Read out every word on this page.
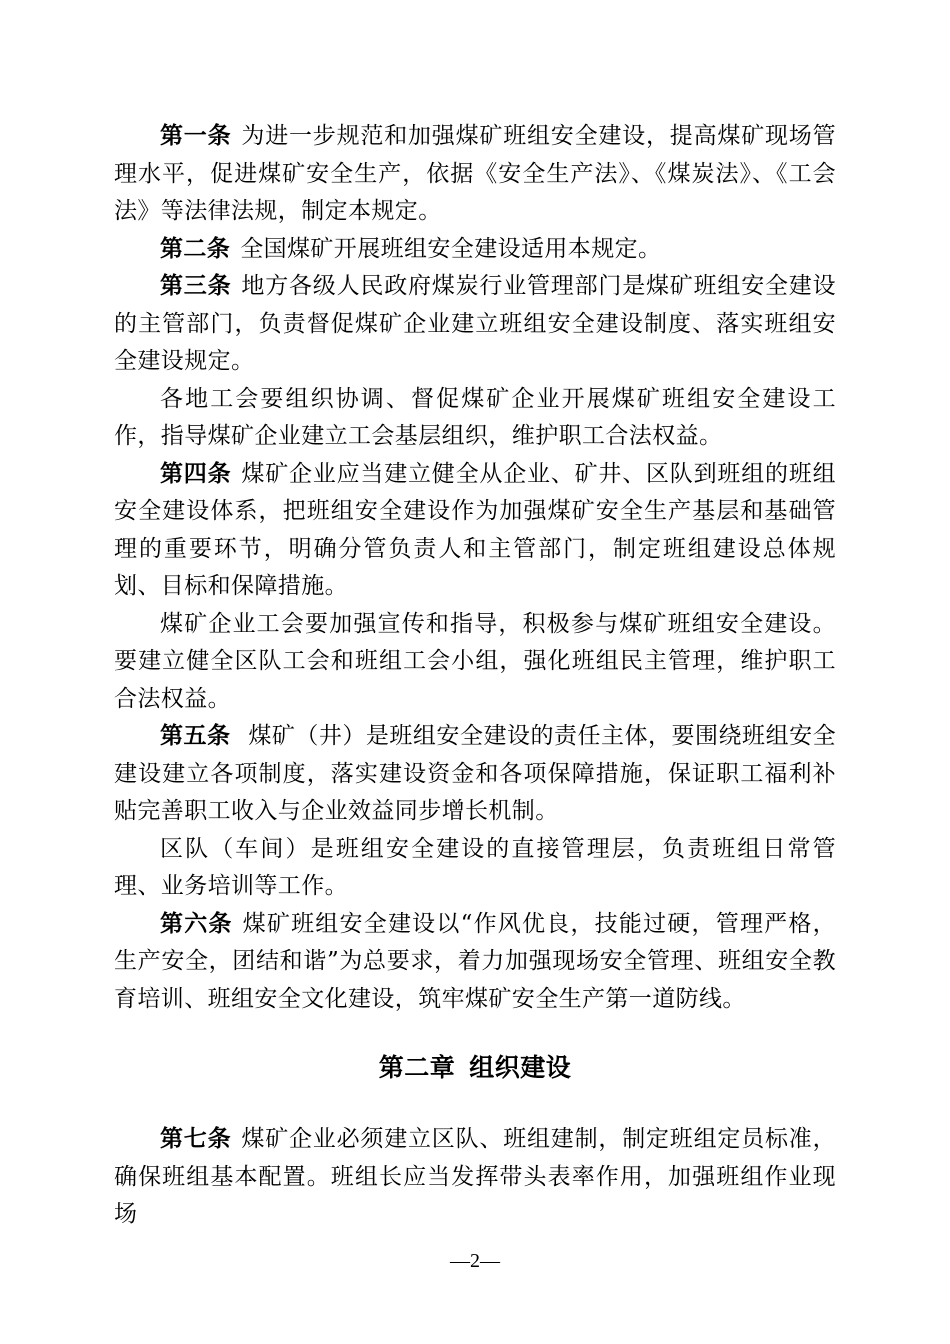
第一条 为进一步规范和加强煤矿班组安全建设，提高煤矿现场管理水平，促进煤矿安全生产，依据《安全生产法》、《煤炭法》、《工会法》等法律法规，制定本规定。

第二条 全国煤矿开展班组安全建设适用本规定。

第三条 地方各级人民政府煤炭行业管理部门是煤矿班组安全建设的主管部门，负责督促煤矿企业建立班组安全建设制度、落实班组安全建设规定。

各地工会要组织协调、督促煤矿企业开展煤矿班组安全建设工作，指导煤矿企业建立工会基层组织，维护职工合法权益。

第四条 煤矿企业应当建立健全从企业、矿井、区队到班组的班组安全建设体系，把班组安全建设作为加强煤矿安全生产基层和基础管理的重要环节，明确分管负责人和主管部门，制定班组建设总体规划、目标和保障措施。

煤矿企业工会要加强宣传和指导，积极参与煤矿班组安全建设。要建立健全区队工会和班组工会小组，强化班组民主管理，维护职工合法权益。

第五条 煤矿（井）是班组安全建设的责任主体，要围绕班组安全建设建立各项制度，落实建设资金和各项保障措施，保证职工福利补贴完善职工收入与企业效益同步增长机制。

区队（车间）是班组安全建设的直接管理层，负责班组日常管理、业务培训等工作。

第六条 煤矿班组安全建设以“作风优良，技能过硬，管理严格，生产安全，团结和谐”为总要求，着力加强现场安全管理、班组安全教育培训、班组安全文化建设，筑牢煤矿安全生产第一道防线。

第二章 组织建设

第七条 煤矿企业必须建立区队、班组建制，制定班组定员标准，确保班组基本配置。班组长应当发挥带头表率作用，加强班组作业现场

—2—
